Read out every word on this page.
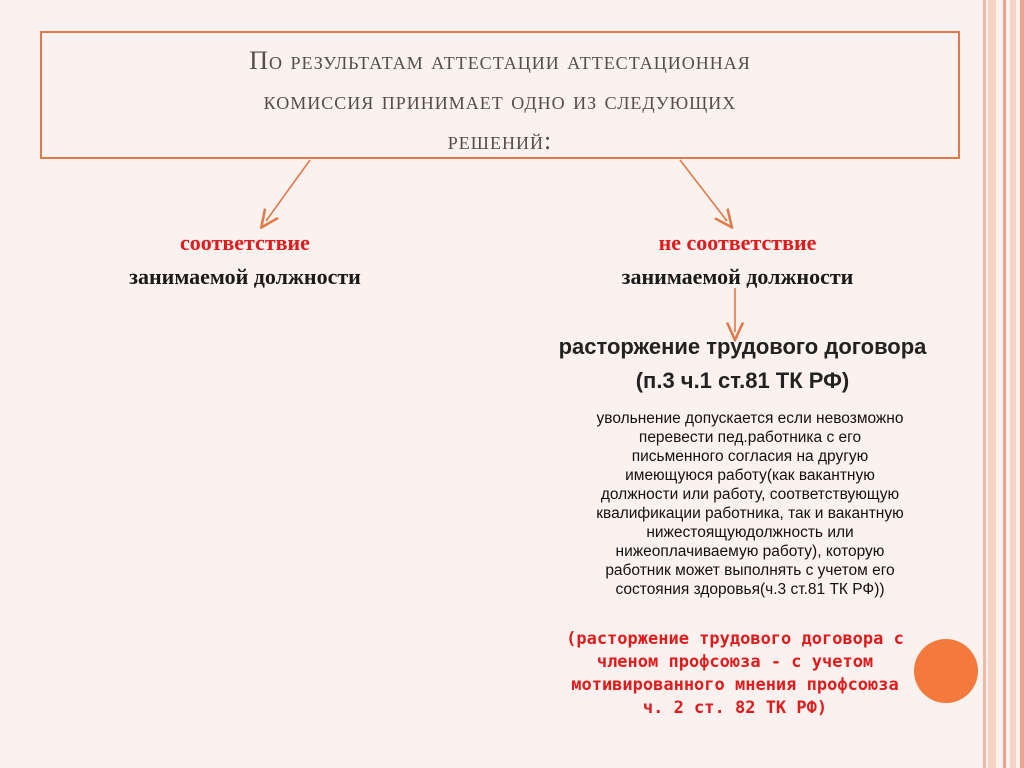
По результатам аттестации аттестационная
комиссия принимает одно из следующих
решений:
соответствие
занимаемой должности
не соответствие
занимаемой должности
расторжение трудового договора
(п.3 ч.1 ст.81 ТК РФ)
увольнение допускается если невозможно
перевести пед.работника с его
письменного согласия на другую
имеющуюся работу(как вакантную
должности или работу, соответствующую
квалификации работника, так и вакантную
нижестоящуюдолжность или
нижеоплачиваемую работу), которую
работник может выполнять с учетом его
состояния здоровья(ч.3 ст.81 ТК РФ))
(расторжение трудового договора с
членом профсоюза - с учетом
мотивированного мнения профсоюза
ч. 2 ст. 82 ТК РФ)
